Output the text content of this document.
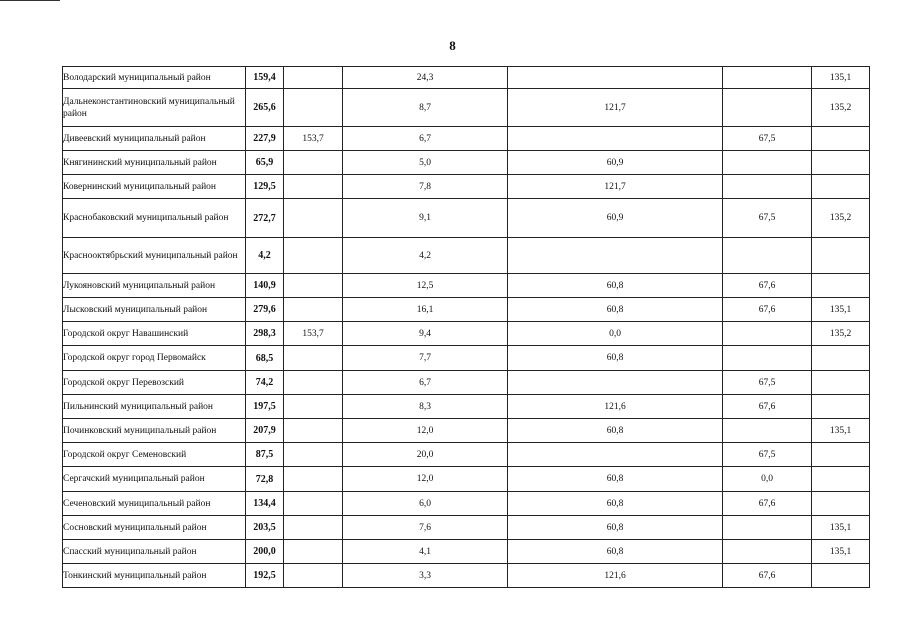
8
Володарский муниципальный район	159,4		24,3			135,1
Дальнеконстантиновский муниципальный район	265,6		8,7	121,7		135,2
Дивеевский муниципальный район	227,9	153,7	6,7		67,5	
Княгининский муниципальный район	65,9		5,0	60,9		
Ковернинский муниципальный район	129,5		7,8	121,7		
Краснобаковский муниципальный район	272,7		9,1	60,9	67,5	135,2
Краснооктябрьский муниципальный район	4,2		4,2			
Лукояновский муниципальный район	140,9		12,5	60,8	67,6	
Лысковский муниципальный район	279,6		16,1	60,8	67,6	135,1
Городской округ Навашинский	298,3	153,7	9,4	0,0		135,2
Городской округ город Первомайск	68,5		7,7	60,8		
Городской округ Перевозский	74,2		6,7		67,5	
Пильнинский муниципальный район	197,5		8,3	121,6	67,6	
Починковский муниципальный район	207,9		12,0	60,8		135,1
Городской округ Семеновский	87,5		20,0		67,5	
Сергачский муниципальный район	72,8		12,0	60,8	0,0	
Сеченовский муниципальный район	134,4		6,0	60,8	67,6	
Сосновский муниципальный район	203,5		7,6	60,8		135,1
Спасский муниципальный район	200,0		4,1	60,8		135,1
Тонкинский муниципальный район	192,5		3,3	121,6	67,6	
